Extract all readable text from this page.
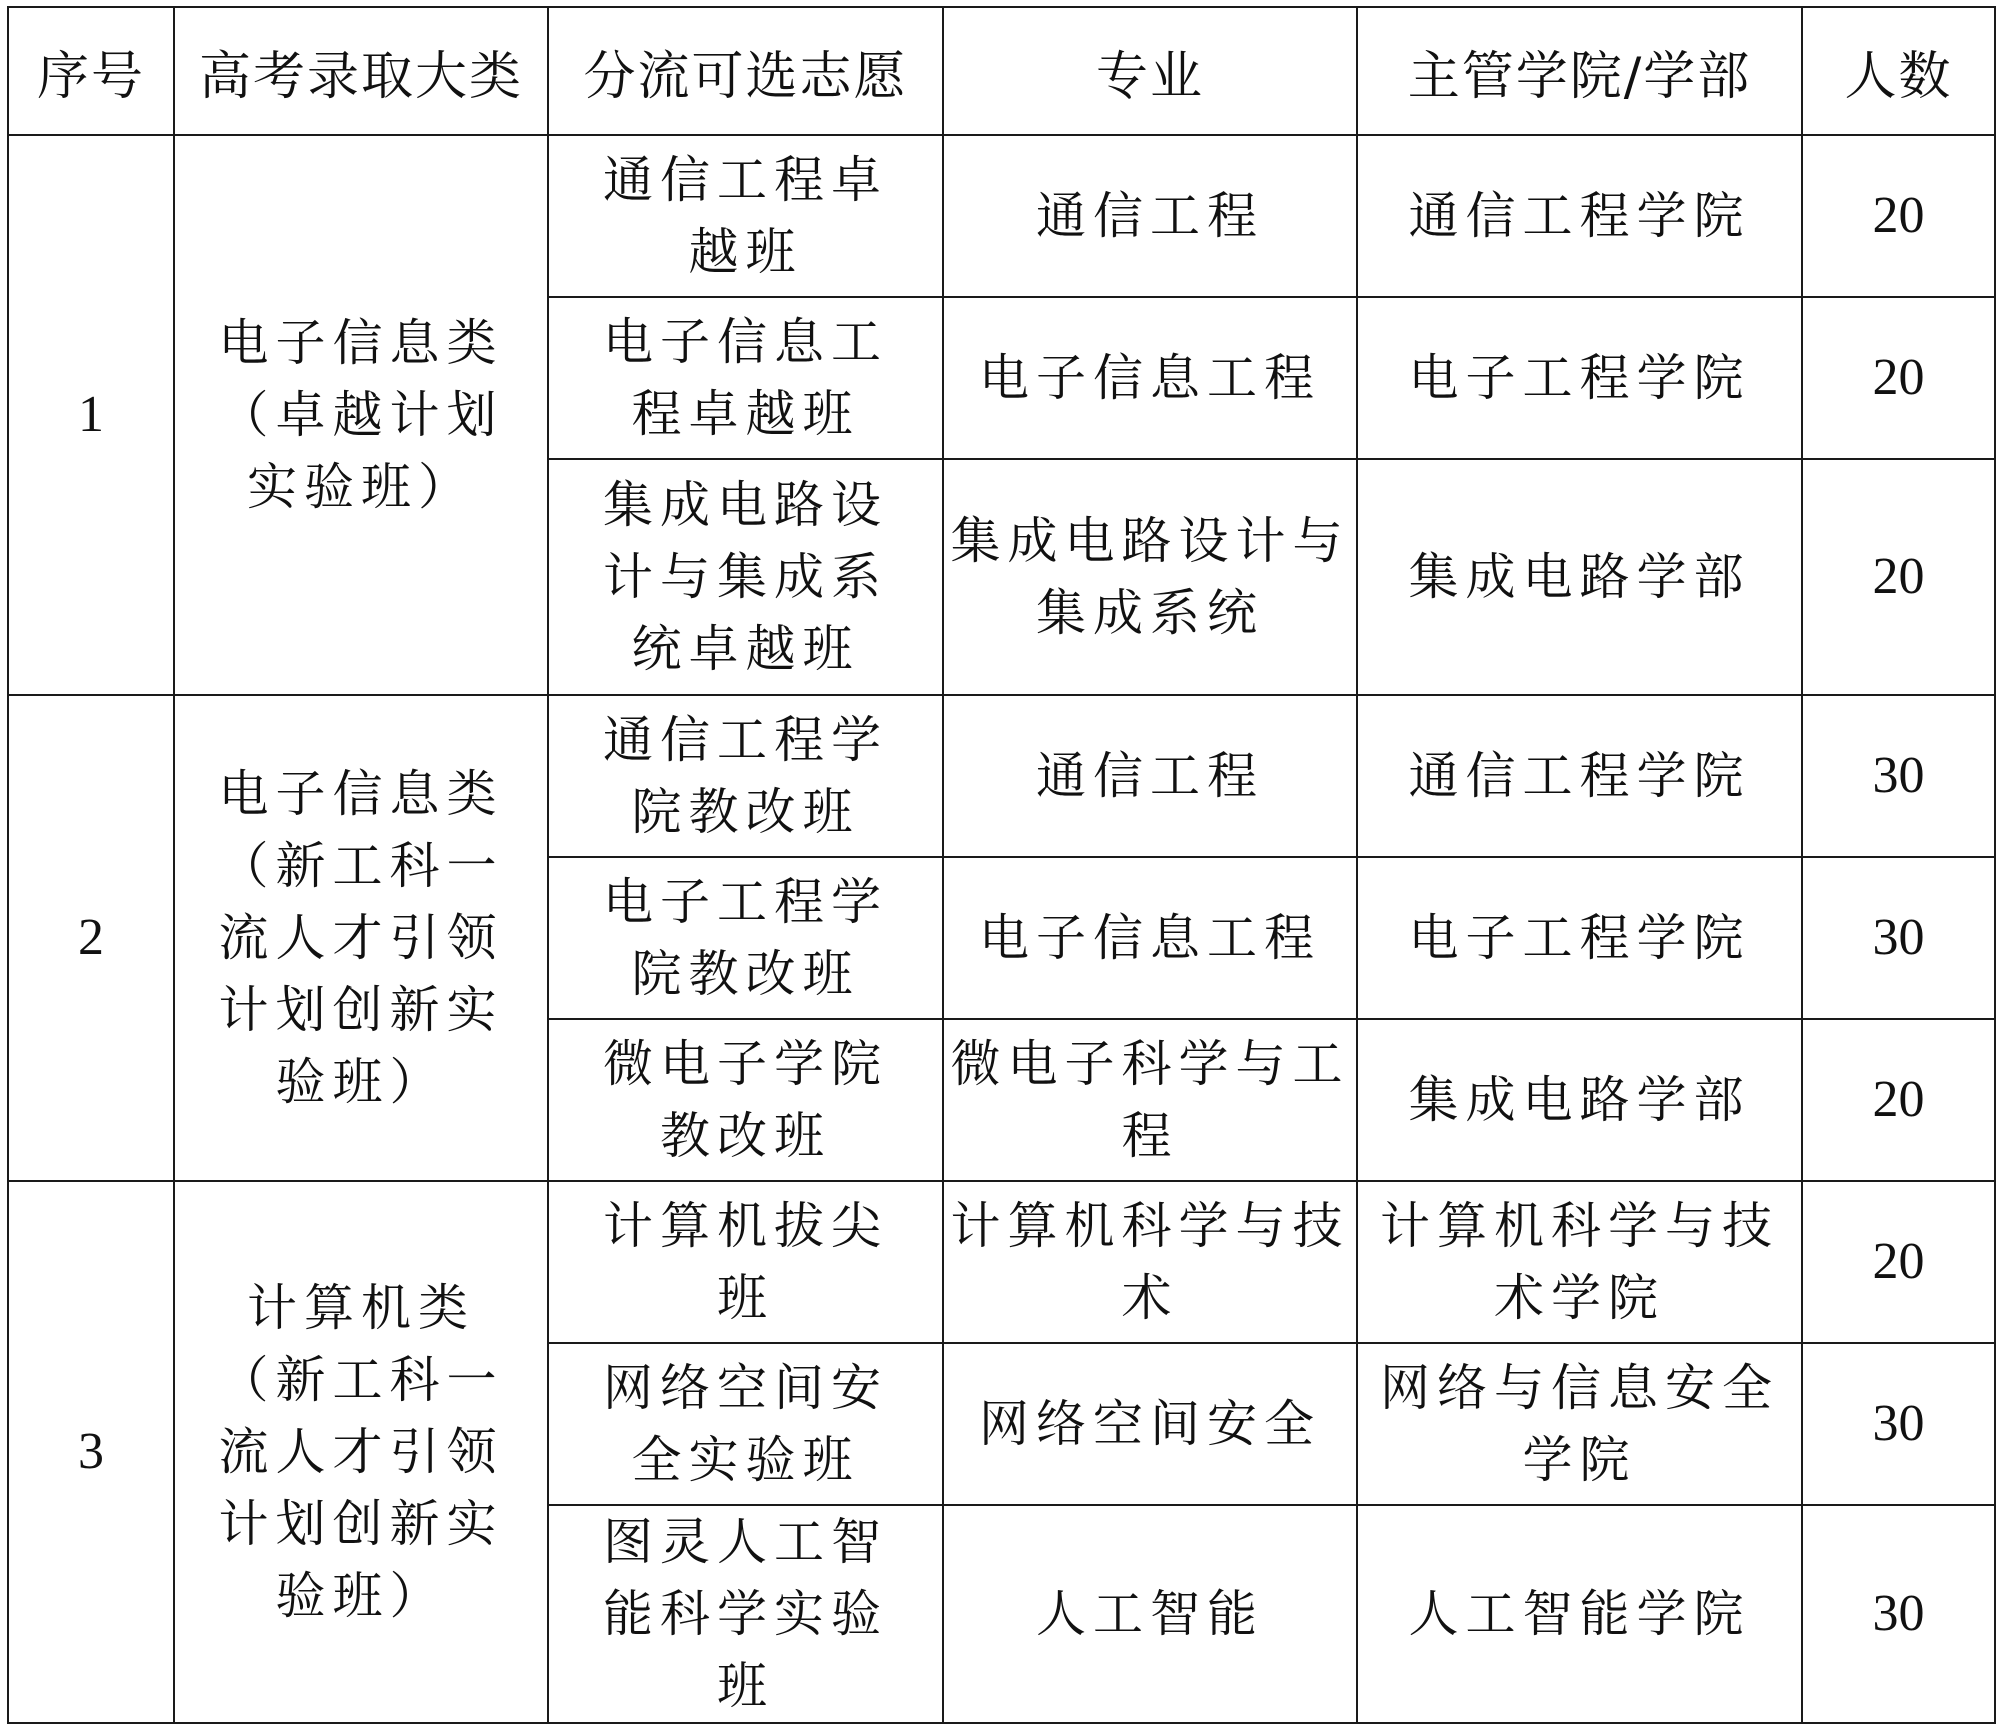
序号	高考录取大类	分流可选志愿	专业	主管学院/学部	人数

1	电子信息类（卓越计划实验班）	通信工程卓越班	通信工程	通信工程学院	20

		电子信息工程卓越班	电子信息工程	电子工程学院	20

		集成电路设计与集成系统卓越班	集成电路设计与集成系统	集成电路学部	20

2	电子信息类（新工科一流人才引领计划创新实验班）	通信工程学院教改班	通信工程	通信工程学院	30

		电子工程学院教改班	电子信息工程	电子工程学院	30

		微电子学院教改班	微电子科学与工程	集成电路学部	20

3	计算机类（新工科一流人才引领计划创新实验班）	计算机拔尖班	计算机科学与技术	计算机科学与技术学院	20

		网络空间安全实验班	网络空间安全	网络与信息安全学院	30

		图灵人工智能科学实验班	人工智能	人工智能学院	30
